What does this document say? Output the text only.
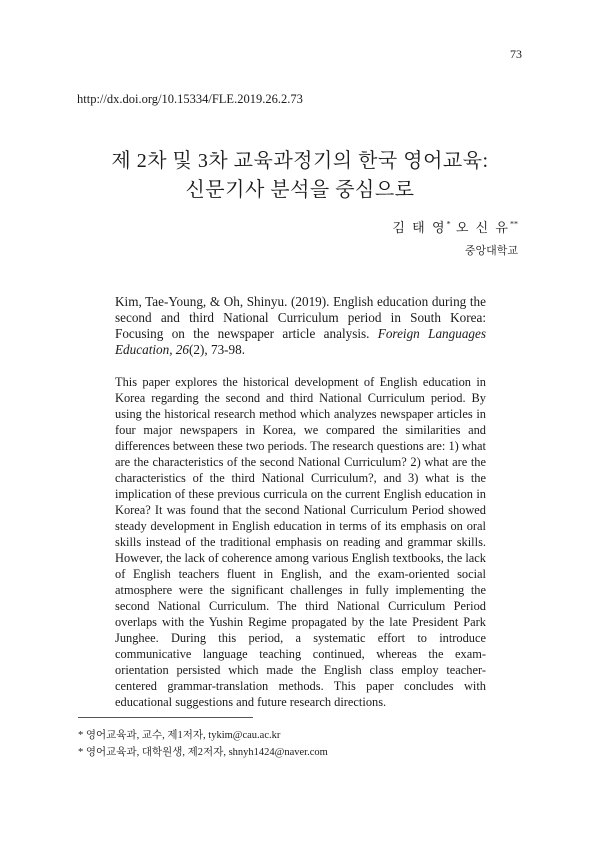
73
http://dx.doi.org/10.15334/FLE.2019.26.2.73
제 2차 및 3차 교육과정기의 한국 영어교육:
신문기사 분석을 중심으로
김 태 영* 오 신 유**
중앙대학교
Kim, Tae-Young, & Oh, Shinyu. (2019). English education during the second and third National Curriculum period in South Korea: Focusing on the newspaper article analysis. Foreign Languages Education, 26(2), 73-98.
This paper explores the historical development of English education in Korea regarding the second and third National Curriculum period. By using the historical research method which analyzes newspaper articles in four major newspapers in Korea, we compared the similarities and differences between these two periods. The research questions are: 1) what are the characteristics of the second National Curriculum? 2) what are the characteristics of the third National Curriculum?, and 3) what is the implication of these previous curricula on the current English education in Korea? It was found that the second National Curriculum Period showed steady development in English education in terms of its emphasis on oral skills instead of the traditional emphasis on reading and grammar skills. However, the lack of coherence among various English textbooks, the lack of English teachers fluent in English, and the exam-oriented social atmosphere were the significant challenges in fully implementing the second National Curriculum. The third National Curriculum Period overlaps with the Yushin Regime propagated by the late President Park Junghee. During this period, a systematic effort to introduce communicative language teaching continued, whereas the exam-orientation persisted which made the English class employ teacher-centered grammar-translation methods. This paper concludes with educational suggestions and future research directions.
* 영어교육과, 교수, 제1저자, tykim@cau.ac.kr
* 영어교육과, 대학원생, 제2저자, shnyh1424@naver.com
